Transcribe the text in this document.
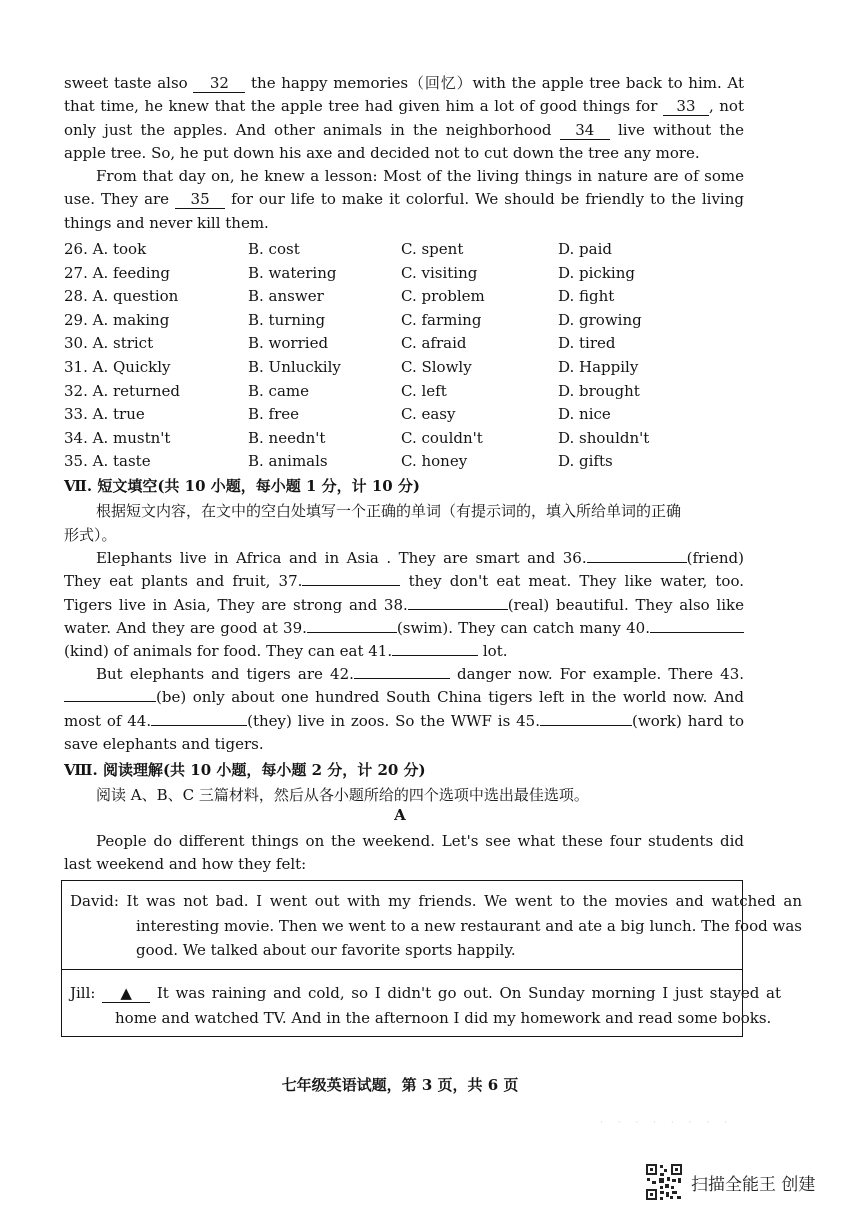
sweet taste also 32 the happy memories（回忆）with the apple tree back to him. At that time, he knew that the apple tree had given him a lot of good things for 33 , not only just the apples. And other animals in the neighborhood 34 live without the apple tree. So, he put down his axe and decided not to cut down the tree any more.

From that day on, he knew a lesson: Most of the living things in nature are of some use. They are 35 for our life to make it colorful. We should be friendly to the living things and never kill them.

26. A. took	B. cost	C. spent	D. paid
27. A. feeding	B. watering	C. visiting	D. picking
28. A. question	B. answer	C. problem	D. fight
29. A. making	B. turning	C. farming	D. growing
30. A. strict	B. worried	C. afraid	D. tired
31. A. Quickly	B. Unluckily	C. Slowly	D. Happily
32. A. returned	B. came	C. left	D. brought
33. A. true	B. free	C. easy	D. nice
34. A. mustn't	B. needn't	C. couldn't	D. shouldn't
35. A. taste	B. animals	C. honey	D. gifts
Ⅶ. 短文填空(共 10 小题，每小题 1 分，计 10 分)
根据短文内容，在文中的空白处填写一个正确的单词（有提示词的，填入所给单词的正确
形式）。

Elephants live in Africa and in Asia . They are smart and 36.	(friend) They eat plants and fruit, 37.	they don't eat meat. They like water, too. Tigers live in Asia, They are strong and 38.	(real) beautiful. They also like water. And they are good at 39.	(swim). They can catch many 40.(kind) of animals for food. They can eat 41.	lot.

But elephants and tigers are 42.	danger now. For example. There 43.(be) only about one hundred South China tigers left in the world now. And most of 44.	(they) live in zoos. So the WWF is 45.	(work) hard to save elephants and tigers.

Ⅷ. 阅读理解(共 10 小题，每小题 2 分，计 20 分)
阅读 A、B、C 三篇材料，然后从各小题所给的四个选项中选出最佳选项。
A

People do different things on the weekend. Let's see what these four students did last weekend and how they felt:

David: It was not bad. I went out with my friends. We went to the movies and watched an interesting movie. Then we went to a new restaurant and ate a big lunch. The food was good. We talked about our favorite sports happily.
Jill: ▲ It was raining and cold, so I didn't go out. On Sunday morning I just stayed at home and watched TV. And in the afternoon I did my homework and read some books.
七年级英语试题，第 3 页，共 6 页
· · · · · · · ·
扫描全能王 创建
